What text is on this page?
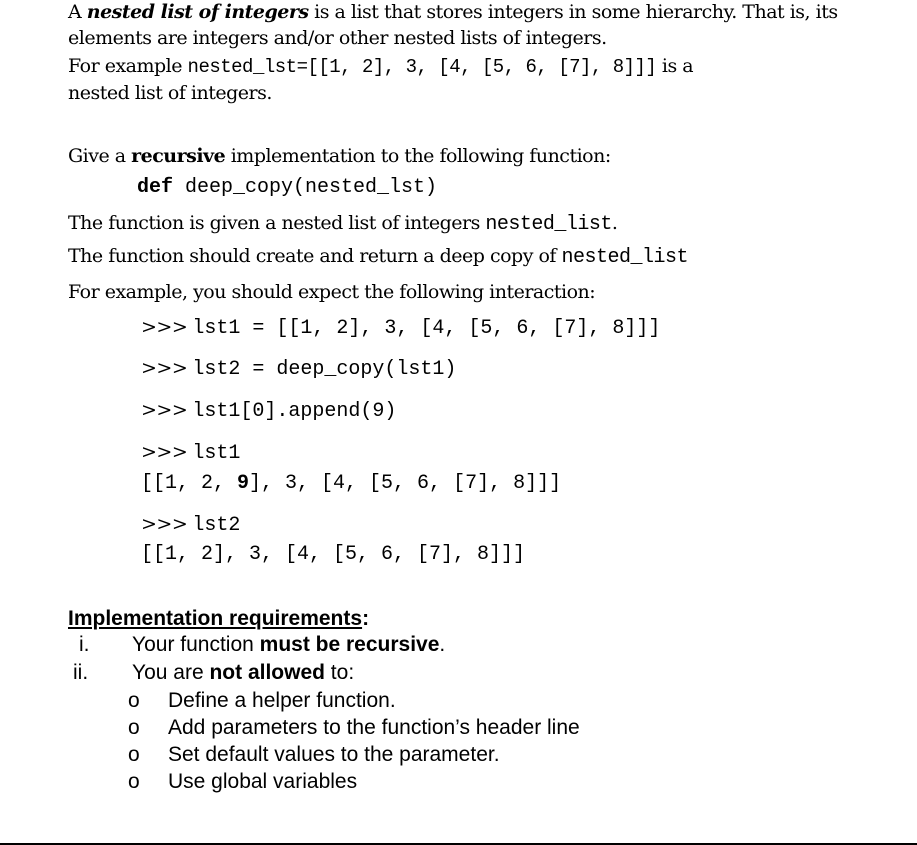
A nested list of integers is a list that stores integers in some hierarchy. That is, its
elements are integers and/or other nested lists of integers.
For example nested_lst=[[1, 2], 3, [4, [5, 6, [7], 8]]] is a
nested list of integers.
Give a recursive implementation to the following function:
def deep_copy(nested_lst)
The function is given a nested list of integers nested_list.
The function should create and return a deep copy of nested_list
For example, you should expect the following interaction:
>>> lst1 = [[1, 2], 3, [4, [5, 6, [7], 8]]]
>>> lst2 = deep_copy(lst1)
>>> lst1[0].append(9)
>>> lst1
[[1, 2, 9], 3, [4, [5, 6, [7], 8]]]
>>> lst2
[[1, 2], 3, [4, [5, 6, [7], 8]]]
Implementation requirements:
i. Your function must be recursive.
ii. You are not allowed to:
o Define a helper function.
o Add parameters to the function’s header line
o Set default values to the parameter.
o Use global variables
